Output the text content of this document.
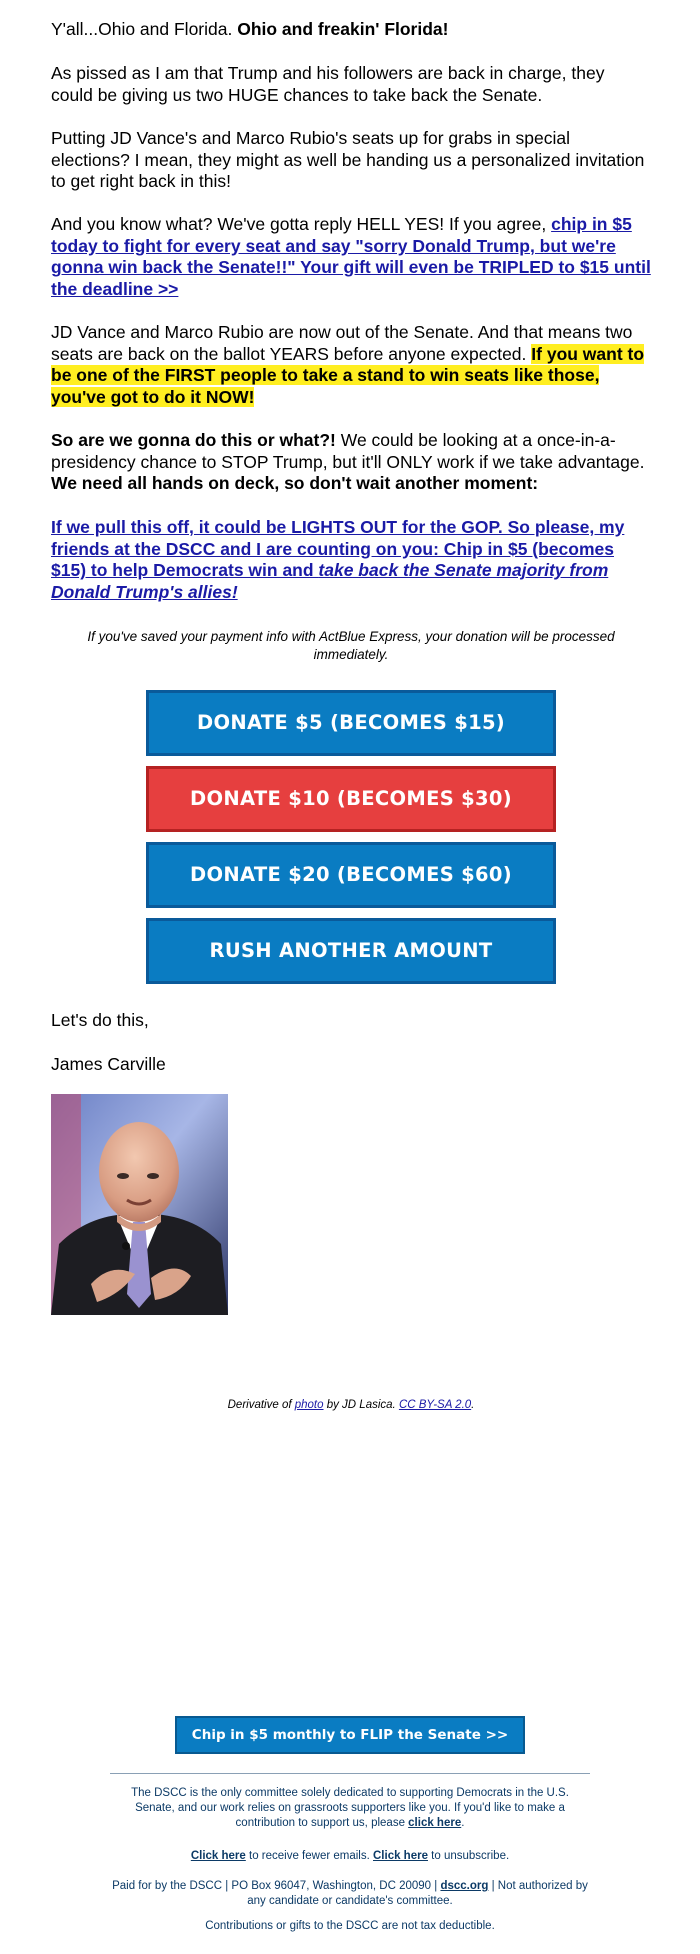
Y'all...Ohio and Florida. Ohio and freakin' Florida!

As pissed as I am that Trump and his followers are back in charge, they could be giving us two HUGE chances to take back the Senate.

Putting JD Vance's and Marco Rubio's seats up for grabs in special elections? I mean, they might as well be handing us a personalized invitation to get right back in this!

And you know what? We've gotta reply HELL YES! If you agree, chip in $5 today to fight for every seat and say "sorry Donald Trump, but we're gonna win back the Senate!!" Your gift will even be TRIPLED to $15 until the deadline >>

JD Vance and Marco Rubio are now out of the Senate. And that means two seats are back on the ballot YEARS before anyone expected. If you want to be one of the FIRST people to take a stand to win seats like those, you've got to do it NOW!

So are we gonna do this or what?! We could be looking at a once-in-a-presidency chance to STOP Trump, but it'll ONLY work if we take advantage. We need all hands on deck, so don't wait another moment:

If we pull this off, it could be LIGHTS OUT for the GOP. So please, my friends at the DSCC and I are counting on you: Chip in $5 (becomes $15) to help Democrats win and take back the Senate majority from Donald Trump's allies!

If you've saved your payment info with ActBlue Express, your donation will be processed immediately.
DONATE $5 (BECOMES $15)
DONATE $10 (BECOMES $30)
DONATE $20 (BECOMES $60)
RUSH ANOTHER AMOUNT

Let's do this,

James Carville

Derivative of photo by JD Lasica. CC BY-SA 2.0.
Chip in $5 monthly to FLIP the Senate >>
The DSCC is the only committee solely dedicated to supporting Democrats in the U.S. Senate, and our work relies on grassroots supporters like you. If you'd like to make a contribution to support us, please click here.
Click here to receive fewer emails. Click here to unsubscribe.
Paid for by the DSCC | PO Box 96047, Washington, DC 20090 | dscc.org | Not authorized by any candidate or candidate's committee.
Contributions or gifts to the DSCC are not tax deductible.
